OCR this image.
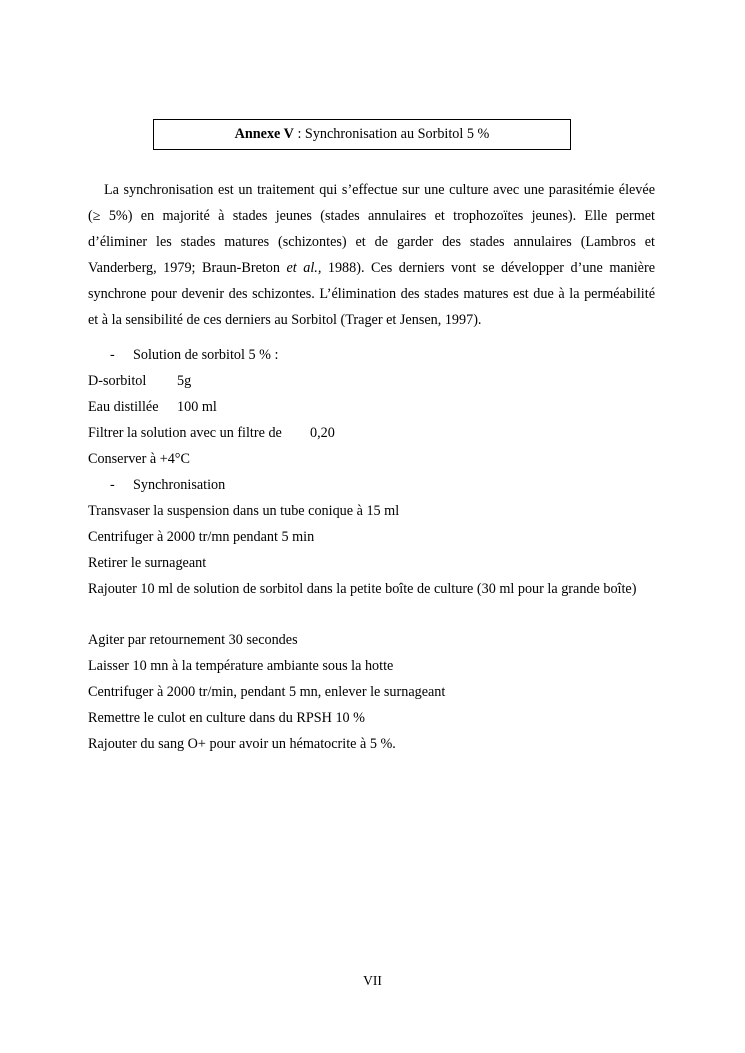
Annexe V : Synchronisation au Sorbitol 5 %
La synchronisation est un traitement qui s’effectue sur une culture avec une parasitémie élevée (≥ 5%) en majorité à stades jeunes (stades annulaires et trophozoïtes jeunes). Elle permet d’éliminer les stades matures (schizontes) et de garder des stades annulaires (Lambros et Vanderberg, 1979; Braun-Breton et al., 1988). Ces derniers vont se développer d’une manière synchrone pour devenir des schizontes. L’élimination des stades matures est due à la perméabilité et à la sensibilité de ces derniers au Sorbitol (Trager et Jensen, 1997).
- Solution de sorbitol 5 % :
D-sorbitol 5g
Eau distillée 100 ml
Filtrer la solution avec un filtre de 0,20
Conserver à +4°C
- Synchronisation
Transvaser la suspension dans un tube conique à 15 ml
Centrifuger à 2000 tr/mn pendant 5 min
Retirer le surnageant
Rajouter 10 ml de solution de sorbitol dans la petite boîte de culture (30 ml pour la grande boîte)
Agiter par retournement 30 secondes
Laisser 10 mn à la température ambiante sous la hotte
Centrifuger à 2000 tr/min, pendant 5 mn, enlever le surnageant
Remettre le culot en culture dans du RPSH 10 %
Rajouter du sang O+ pour avoir un hématocrite à 5 %.
VII
